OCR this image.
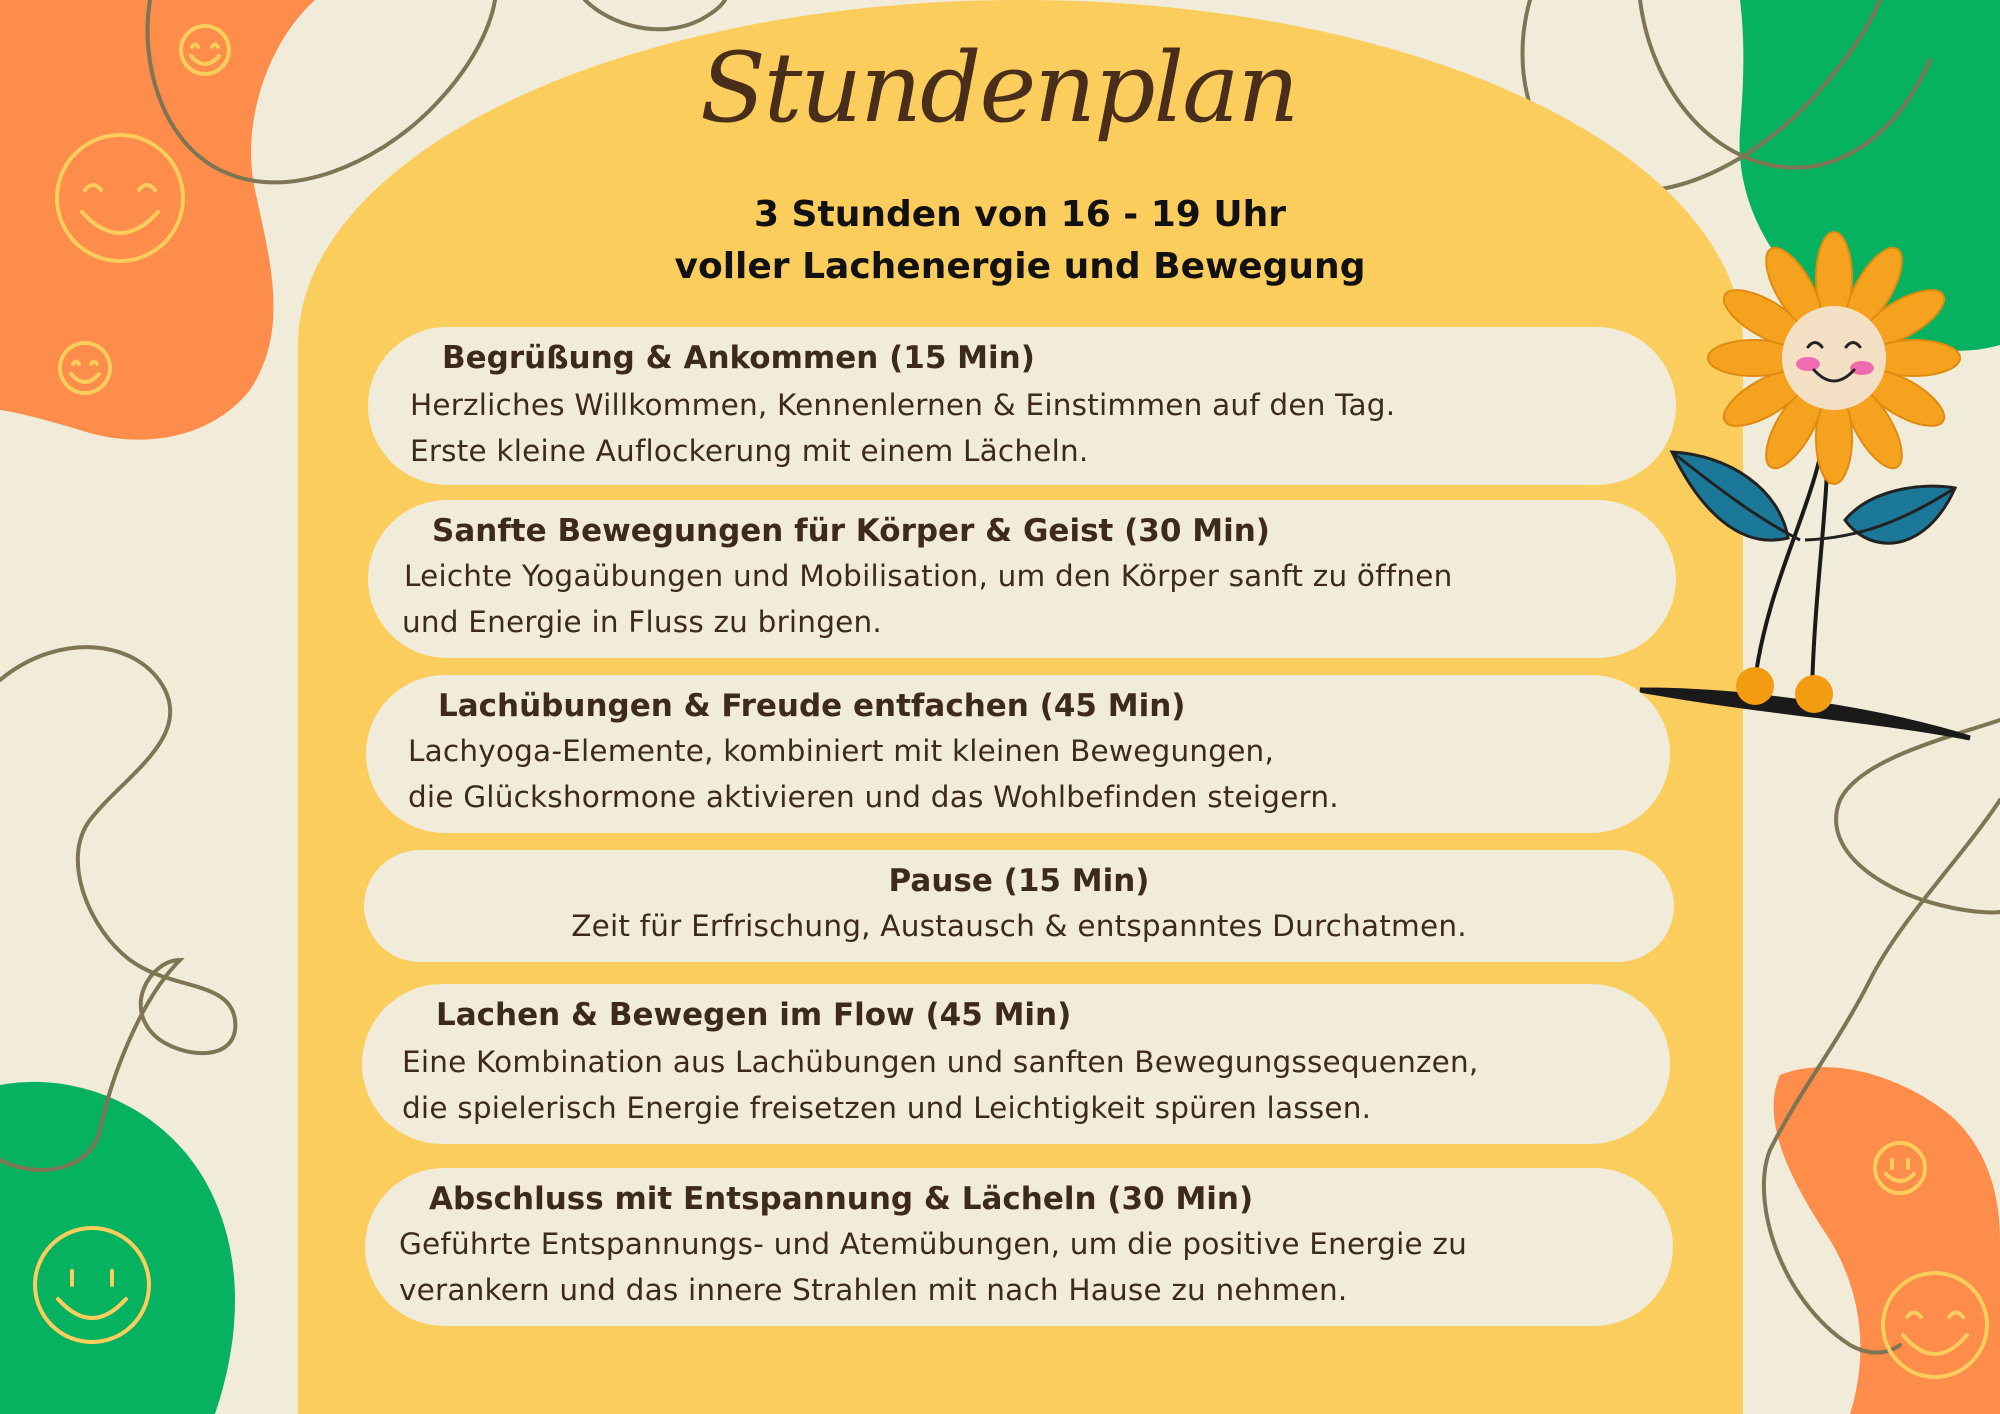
Stundenplan
3 Stunden von 16 - 19 Uhr
voller Lachenergie und Bewegung
Begrüßung & Ankommen (15 Min)
Herzliches Willkommen, Kennenlernen & Einstimmen auf den Tag.
Erste kleine Auflockerung mit einem Lächeln.
Sanfte Bewegungen für Körper & Geist (30 Min)
Leichte Yogaübungen und Mobilisation, um den Körper sanft zu öffnen
und Energie in Fluss zu bringen.
Lachübungen & Freude entfachen (45 Min)
Lachyoga-Elemente, kombiniert mit kleinen Bewegungen,
die Glückshormone aktivieren und das Wohlbefinden steigern.
Pause (15 Min)
Zeit für Erfrischung, Austausch & entspanntes Durchatmen.
Lachen & Bewegen im Flow (45 Min)
Eine Kombination aus Lachübungen und sanften Bewegungssequenzen,
die spielerisch Energie freisetzen und Leichtigkeit spüren lassen.
Abschluss mit Entspannung & Lächeln (30 Min)
Geführte Entspannungs- und Atemübungen, um die positive Energie zu
verankern und das innere Strahlen mit nach Hause zu nehmen.
